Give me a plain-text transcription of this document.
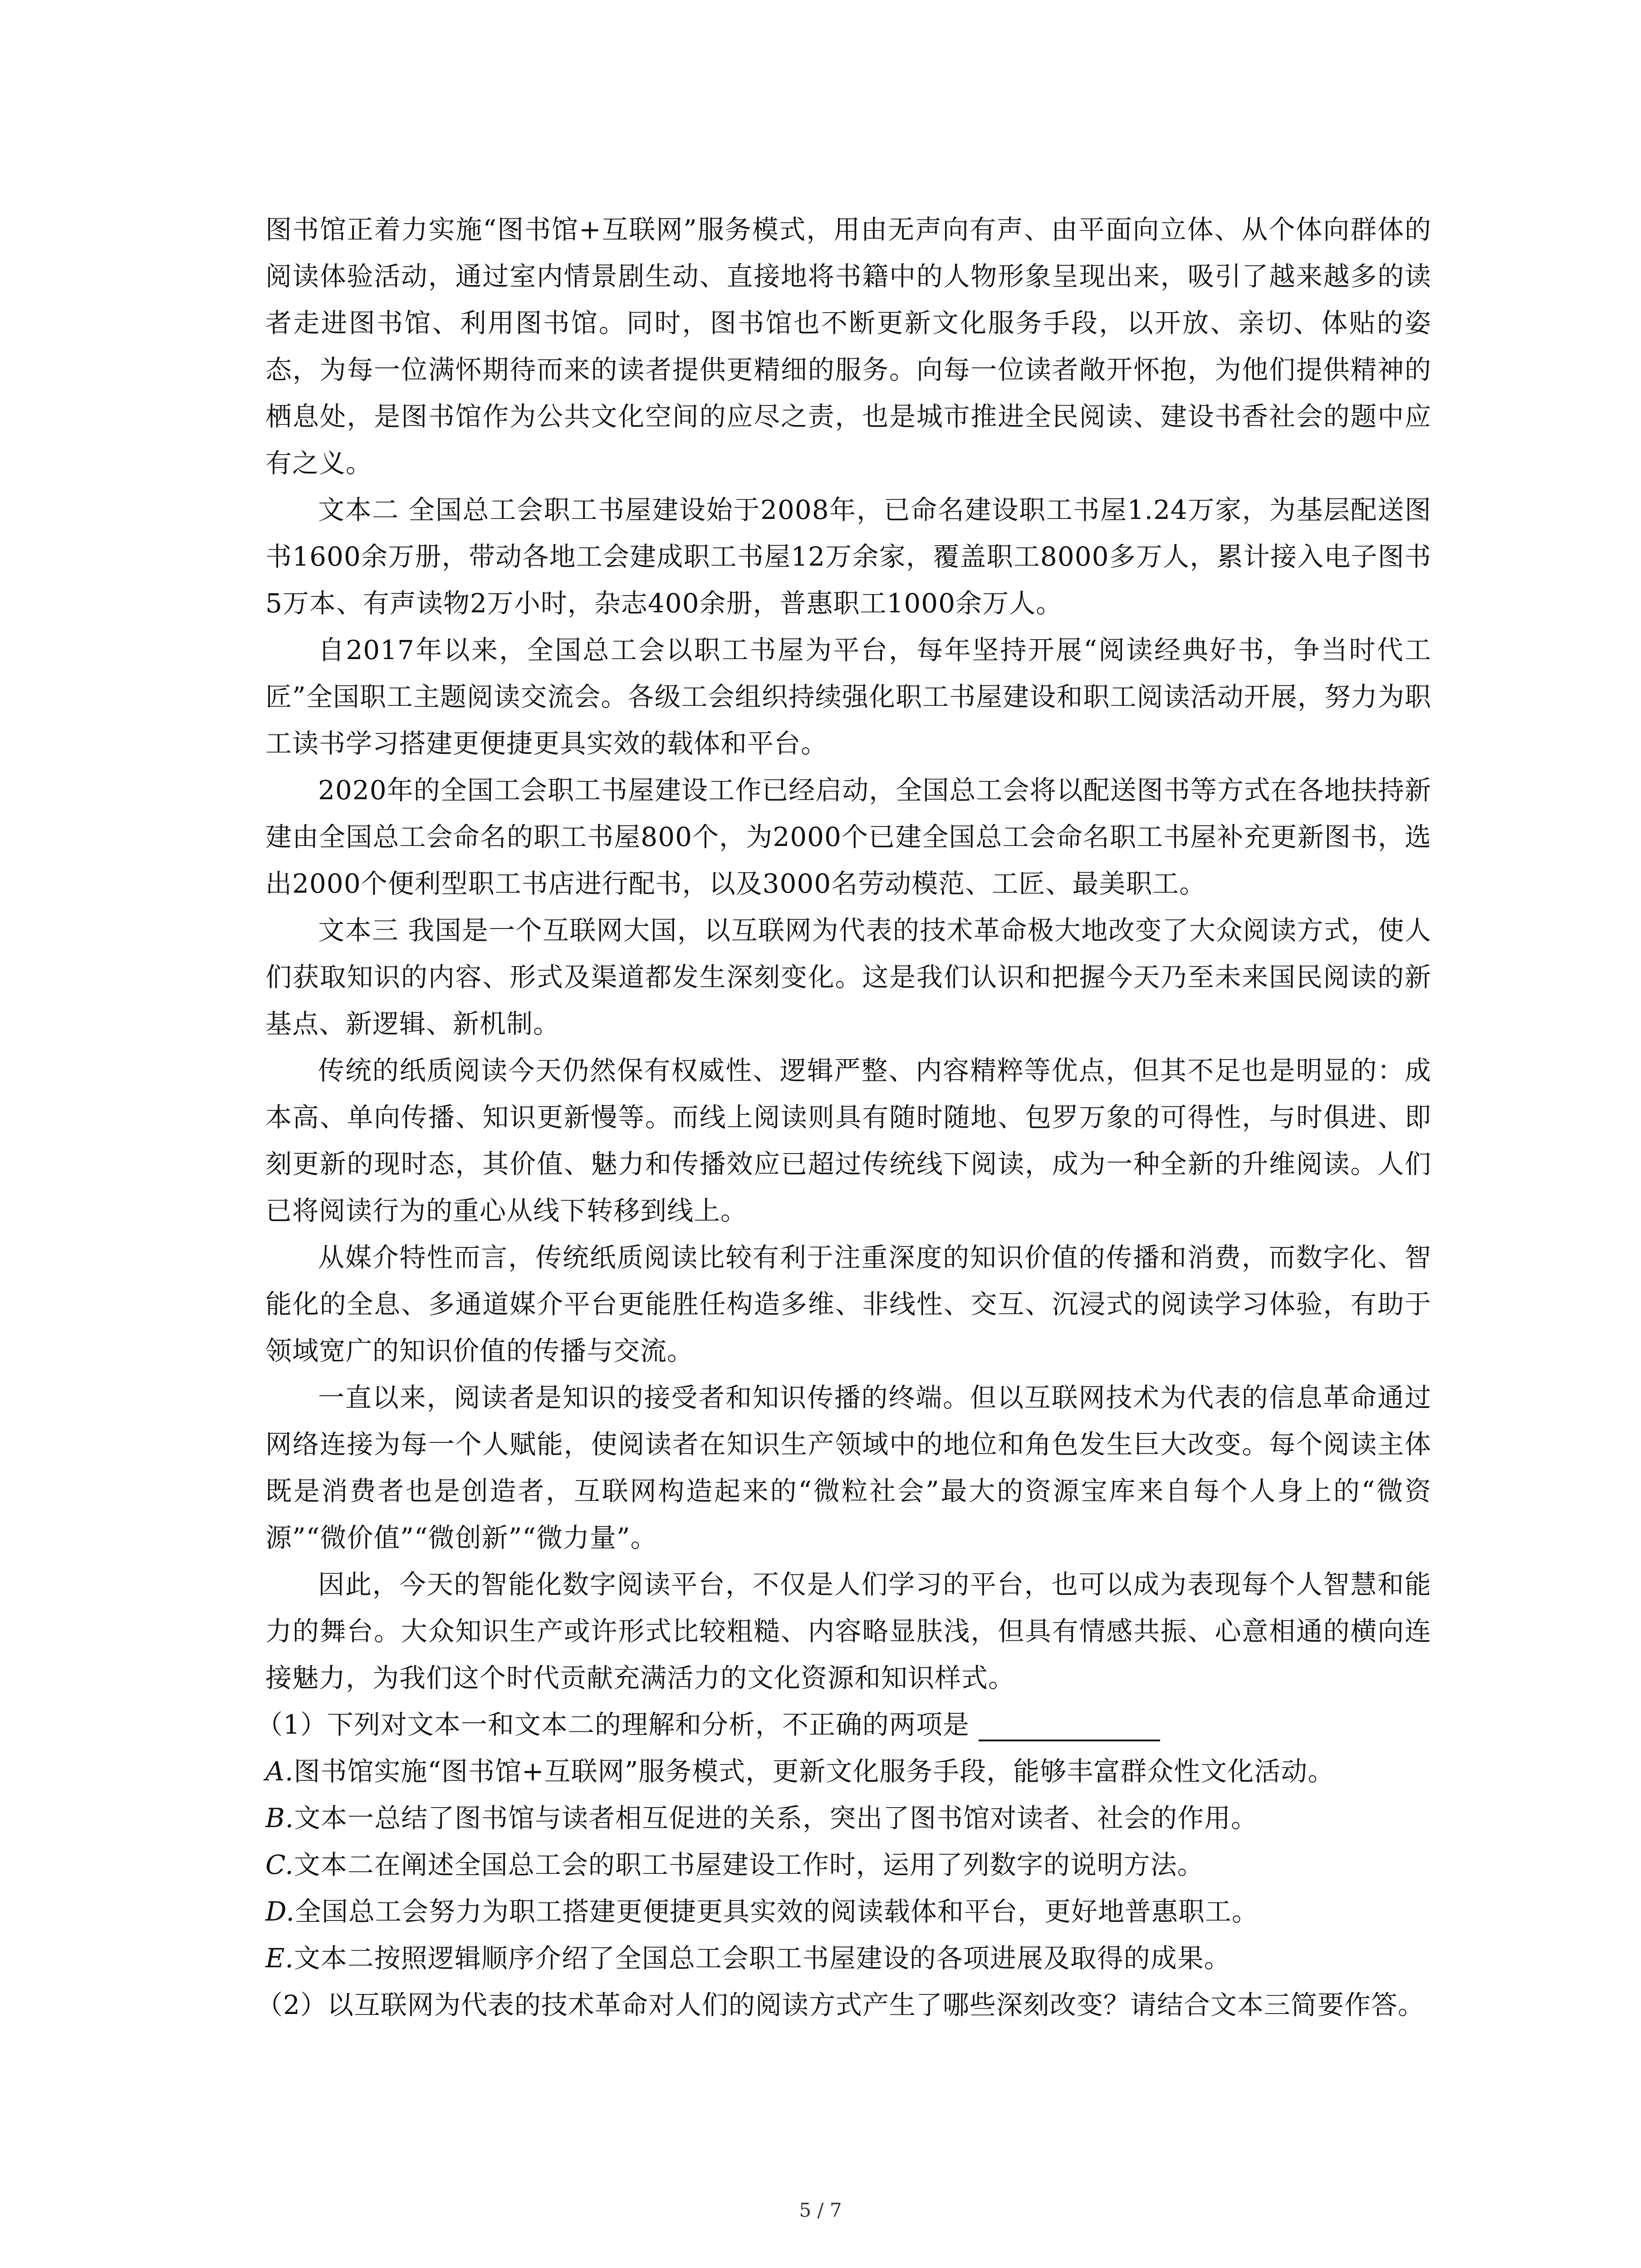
图书馆正着力实施“图书馆+互联网”服务模式，用由无声向有声、由平面向立体、从个体向群体的阅读体验活动，通过室内情景剧生动、直接地将书籍中的人物形象呈现出来，吸引了越来越多的读者走进图书馆、利用图书馆。同时，图书馆也不断更新文化服务手段，以开放、亲切、体贴的姿态，为每一位满怀期待而来的读者提供更精细的服务。向每一位读者敞开怀抱，为他们提供精神的栖息处，是图书馆作为公共文化空间的应尽之责，也是城市推进全民阅读、建设书香社会的题中应有之义。

文本二 全国总工会职工书屋建设始于2008年，已命名建设职工书屋1.24万家，为基层配送图书1600余万册，带动各地工会建成职工书屋12万余家，覆盖职工8000多万人，累计接入电子图书5万本、有声读物2万小时，杂志400余册，普惠职工1000余万人。

自2017年以来，全国总工会以职工书屋为平台，每年坚持开展“阅读经典好书，争当时代工匠”全国职工主题阅读交流会。各级工会组织持续强化职工书屋建设和职工阅读活动开展，努力为职工读书学习搭建更便捷更具实效的载体和平台。

2020年的全国工会职工书屋建设工作已经启动，全国总工会将以配送图书等方式在各地扶持新建由全国总工会命名的职工书屋800个，为2000个已建全国总工会命名职工书屋补充更新图书，选出2000个便利型职工书店进行配书，以及3000名劳动模范、工匠、最美职工。

文本三 我国是一个互联网大国，以互联网为代表的技术革命极大地改变了大众阅读方式，使人们获取知识的内容、形式及渠道都发生深刻变化。这是我们认识和把握今天乃至未来国民阅读的新基点、新逻辑、新机制。

传统的纸质阅读今天仍然保有权威性、逻辑严整、内容精粹等优点，但其不足也是明显的：成本高、单向传播、知识更新慢等。而线上阅读则具有随时随地、包罗万象的可得性，与时俱进、即刻更新的现时态，其价值、魅力和传播效应已超过传统线下阅读，成为一种全新的升维阅读。人们已将阅读行为的重心从线下转移到线上。

从媒介特性而言，传统纸质阅读比较有利于注重深度的知识价值的传播和消费，而数字化、智能化的全息、多通道媒介平台更能胜任构造多维、非线性、交互、沉浸式的阅读学习体验，有助于领域宽广的知识价值的传播与交流。

一直以来，阅读者是知识的接受者和知识传播的终端。但以互联网技术为代表的信息革命通过网络连接为每一个人赋能，使阅读者在知识生产领域中的地位和角色发生巨大改变。每个阅读主体既是消费者也是创造者，互联网构造起来的“微粒社会”最大的资源宝库来自每个人身上的“微资源”“微价值”“微创新”“微力量”。

因此，今天的智能化数字阅读平台，不仅是人们学习的平台，也可以成为表现每个人智慧和能力的舞台。大众知识生产或许形式比较粗糙、内容略显肤浅，但具有情感共振、心意相通的横向连接魅力，为我们这个时代贡献充满活力的文化资源和知识样式。

（1）下列对文本一和文本二的理解和分析，不正确的两项是

A.图书馆实施“图书馆+互联网”服务模式，更新文化服务手段，能够丰富群众性文化活动。

B.文本一总结了图书馆与读者相互促进的关系，突出了图书馆对读者、社会的作用。

C.文本二在阐述全国总工会的职工书屋建设工作时，运用了列数字的说明方法。

D.全国总工会努力为职工搭建更便捷更具实效的阅读载体和平台，更好地普惠职工。

E.文本二按照逻辑顺序介绍了全国总工会职工书屋建设的各项进展及取得的成果。

（2）以互联网为代表的技术革命对人们的阅读方式产生了哪些深刻改变？请结合文本三简要作答。

5 / 7
